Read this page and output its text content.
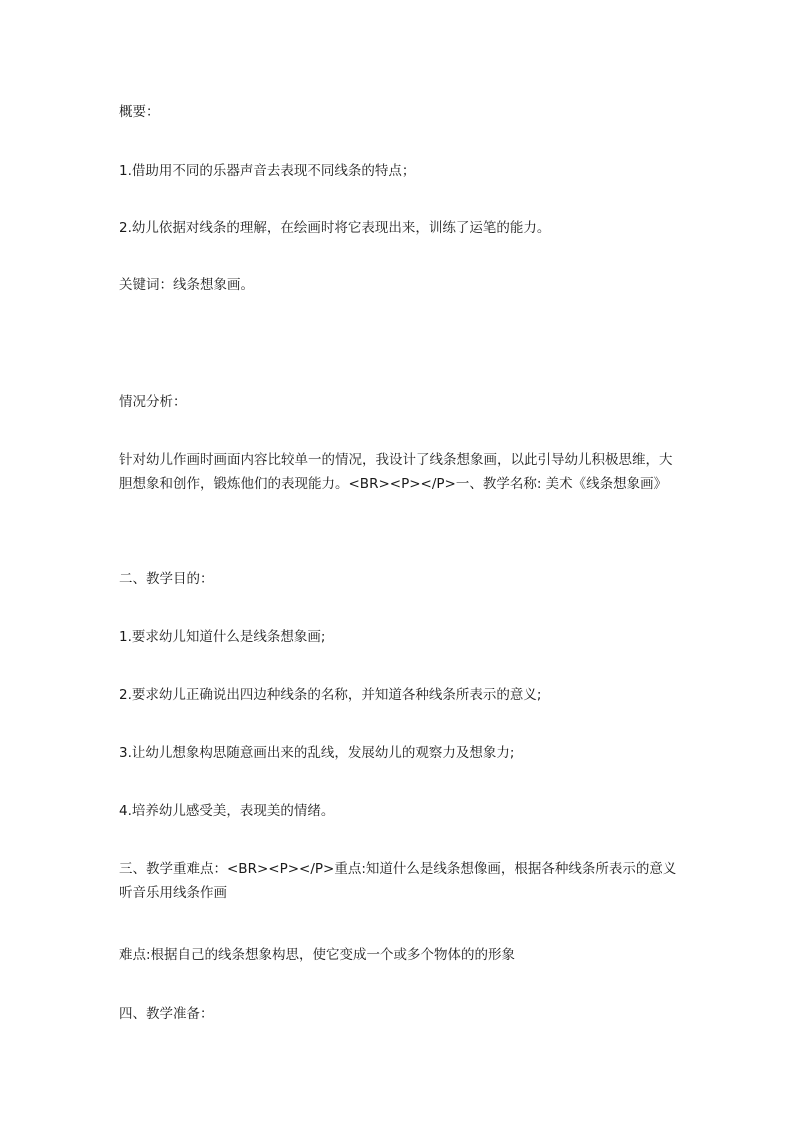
概要：

1.借助用不同的乐器声音去表现不同线条的特点；

2.幼儿依据对线条的理解，在绘画时将它表现出来，训练了运笔的能力。

关键词：线条想象画。

情况分析：

针对幼儿作画时画面内容比较单一的情况，我设计了线条想象画，以此引导幼儿积极思维，大胆想象和创作，锻炼他们的表现能力。<BR><P></P>一、教学名称: 美术《线条想象画》

二、教学目的：

1.要求幼儿知道什么是线条想象画;

2.要求幼儿正确说出四边种线条的名称，并知道各种线条所表示的意义;

3.让幼儿想象构思随意画出来的乱线，发展幼儿的观察力及想象力;

4.培养幼儿感受美，表现美的情绪。

三、教学重难点：<BR><P></P>重点:知道什么是线条想像画，根据各种线条所表示的意义听音乐用线条作画

难点:根据自己的线条想象构思，使它变成一个或多个物体的的形象

四、教学准备：
